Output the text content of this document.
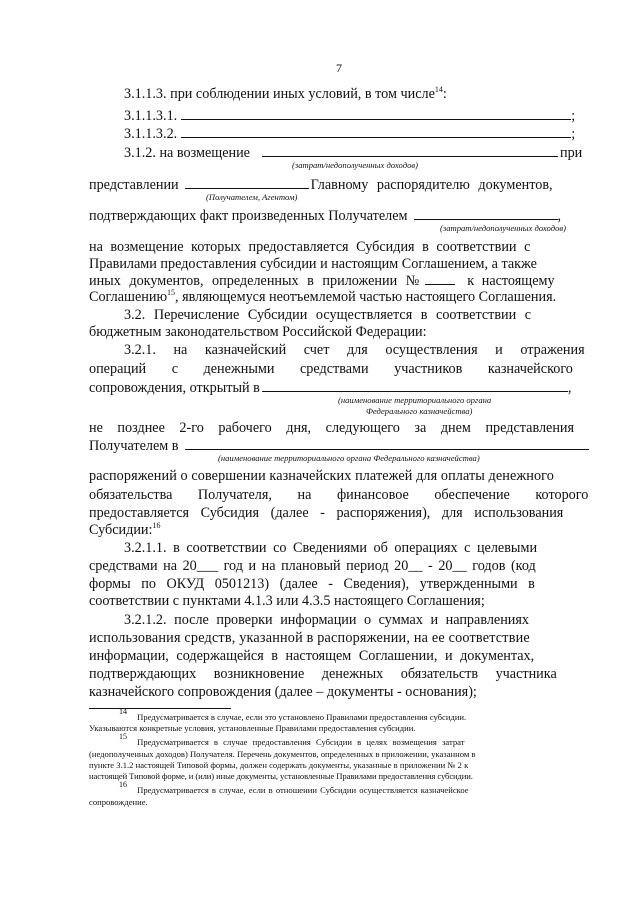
7
3.1.1.3. при соблюдении иных условий, в том числе$^{14}$:
3.1.1.3.1.	;
3.1.1.3.2.	;
3.1.2. на возмещение	при
(затрат/недополученных доходов)
представлении	Главному распорядителю документов,
(Получателем, Агентом)
подтверждающих факт произведенных Получателем	,
(затрат/недополученных доходов)
на возмещение которых предоставляется Субсидия в соответствии с
Правилами предоставления субсидии и настоящим Соглашением, а также
иных документов, определенных в приложении №	к настоящему
Соглашению$^{15}$, являющемуся неотъемлемой частью настоящего Соглашения.
3.2. Перечисление Субсидии осуществляется в соответствии с
бюджетным законодательством Российской Федерации:
3.2.1. на казначейский счет для осуществления и отражения
операций с денежными средствами участников казначейского
сопровождения, открытый в	,
(наименование территориального органа
Федерального казначейства)
не позднее 2-го рабочего дня, следующего за днем представления
Получателем в
(наименование территориального органа Федерального казначейства)
распоряжений о совершении казначейских платежей для оплаты денежного
обязательства Получателя, на финансовое обеспечение которого
предоставляется Субсидия (далее - распоряжения), для использования
Субсидии:$^{16}$
3.2.1.1. в соответствии со Сведениями об операциях с целевыми
средствами на 20___ год и на плановый период 20__ - 20__ годов (код
формы по ОКУД 0501213) (далее - Сведения), утвержденными в
соответствии с пунктами 4.1.3 или 4.3.5 настоящего Соглашения;
3.2.1.2. после проверки информации о суммах и направлениях
использования средств, указанной в распоряжении, на ее соответствие
информации, содержащейся в настоящем Соглашении, и документах,
подтверждающих возникновение денежных обязательств участника
казначейского сопровождения (далее – документы - основания);
$^{14}$ Предусматривается в случае, если это установлено Правилами предоставления субсидии.
Указываются конкретные условия, установленные Правилами предоставления субсидии.
$^{15}$ Предусматривается в случае предоставления Субсидии в целях возмещения затрат
(недополученных доходов) Получателя. Перечень документов, определенных в приложении, указанном в
пункте 3.1.2 настоящей Типовой формы, должен содержать документы, указанные в приложении № 2 к
настоящей Типовой форме, и (или) иные документы, установленные Правилами предоставления субсидии.
$^{16}$ Предусматривается в случае, если в отношении Субсидии осуществляется казначейское
сопровождение.
